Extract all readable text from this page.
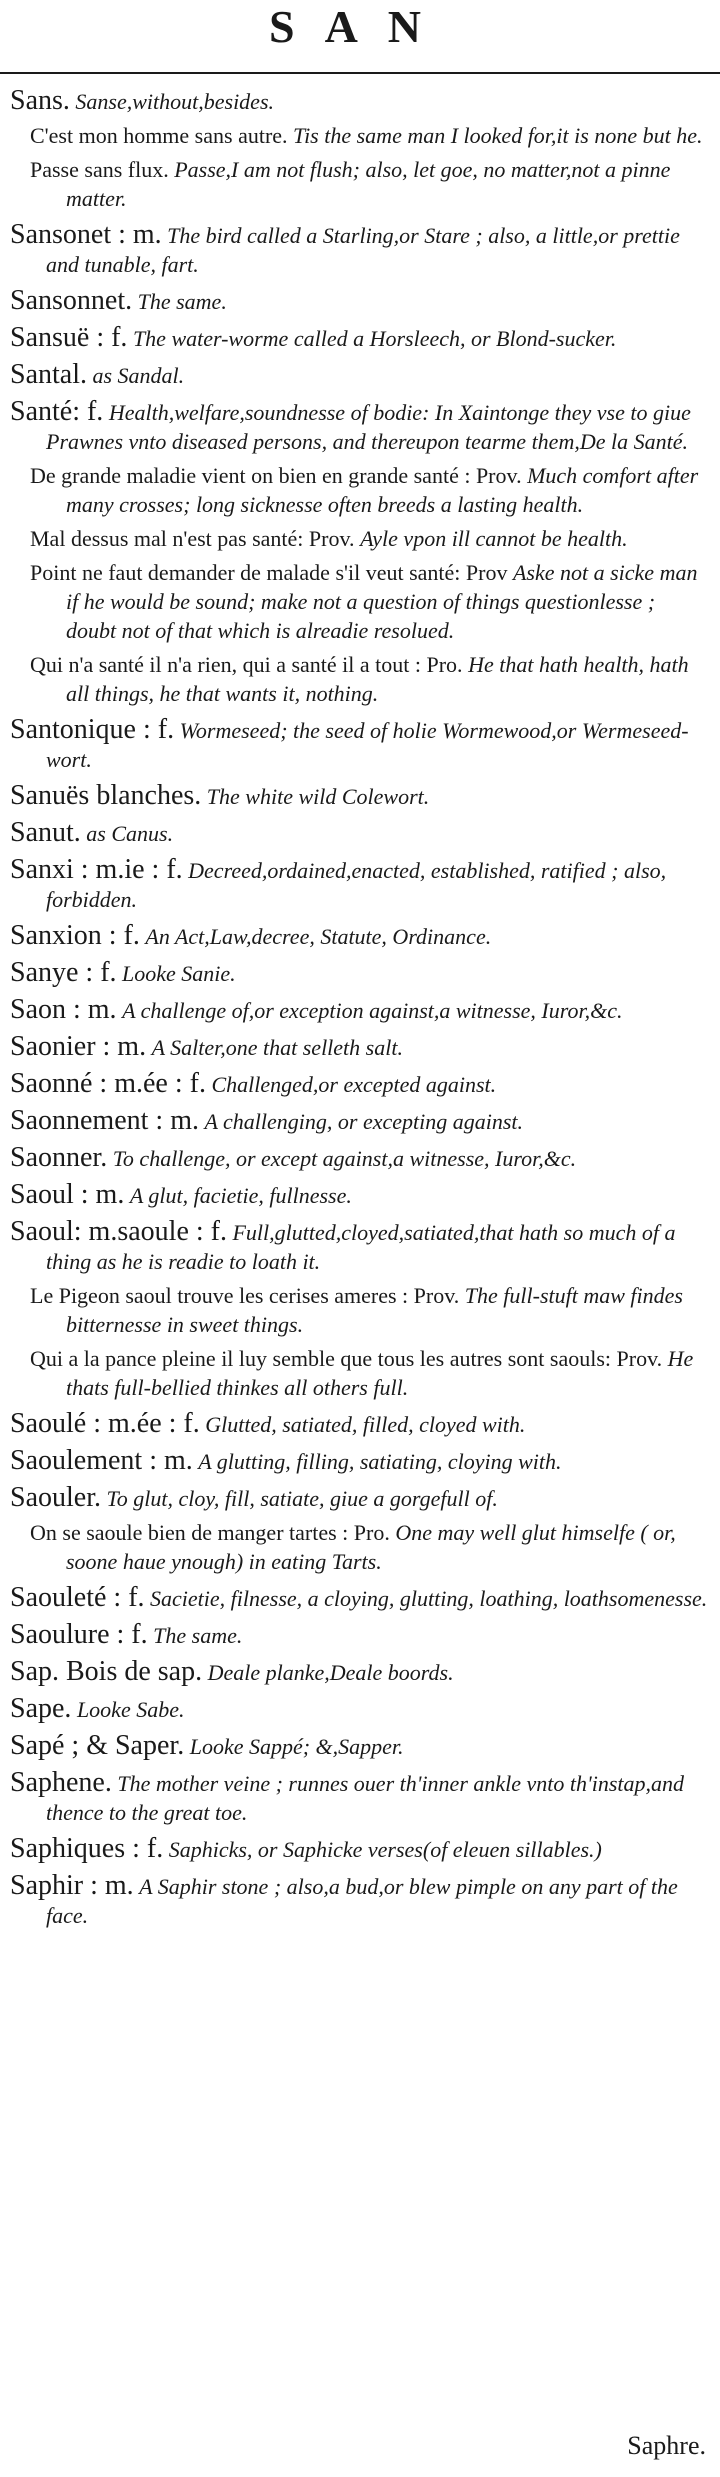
SAN
Sans. Sanse,without,besides.
C'est mon homme sans autre. Tis the same man I looked for,it is none but he.
Passe sans flux. Passe,I am not flush; also, let goe, no matter,not a pinne matter.
Sansonet : m. The bird called a Starling,or Stare ; also, a little,or prettie and tunable, fart.
Sansonnet. The same.
Sansuë : f. The water-worme called a Horsleech, or Blond-sucker.
Santal. as Sandal.
Santé: f. Health,welfare,soundnesse of bodie: In Xaintonge they vse to giue Prawnes vnto diseased persons, and thereupon tearme them,De la Santé.
De grande maladie vient on bien en grande santé : Prov. Much comfort after many crosses; long sicknesse often breeds a lasting health.
Mal dessus mal n'est pas santé: Prov. Ayle vpon ill cannot be health.
Point ne faut demander de malade s'il veut santé: Prov Aske not a sicke man if he would be sound; make not a question of things questionlesse ; doubt not of that which is alreadie resolued.
Qui n'a santé il n'a rien, qui a santé il a tout : Pro. He that hath health, hath all things, he that wants it, nothing.
Santonique : f. Wormeseed; the seed of holie Wormewood,or Wermeseed-wort.
Sanuës blanches. The white wild Colewort.
Sanut. as Canus.
Sanxi : m.ie : f. Decreed,ordained,enacted, established, ratified ; also, forbidden.
Sanxion : f. An Act,Law,decree, Statute, Ordinance.
Sanye : f. Looke Sanie.
Saon : m. A challenge of,or exception against,a witnesse, Iuror,&c.
Saonier : m. A Salter,one that selleth salt.
Saonné : m.ée : f. Challenged,or excepted against.
Saonnement : m. A challenging, or excepting against.
Saonner. To challenge, or except against,a witnesse, Iuror,&c.
Saoul : m. A glut, facietie, fullnesse.
Saoul: m.saoule : f. Full,glutted,cloyed,satiated,that hath so much of a thing as he is readie to loath it.
Le Pigeon saoul trouve les cerises ameres : Prov. The full-stuft maw findes bitternesse in sweet things.
Qui a la pance pleine il luy semble que tous les autres sont saouls: Prov. He thats full-bellied thinkes all others full.
Saoulé : m.ée : f. Glutted, satiated, filled, cloyed with.
Saoulement : m. A glutting, filling, satiating, cloying with.
Saouler. To glut, cloy, fill, satiate, giue a gorgefull of.
On se saoule bien de manger tartes : Pro. One may well glut himselfe ( or, soone haue ynough) in eating Tarts.
Saouleté : f. Sacietie, filnesse, a cloying, glutting, loathing, loathsomenesse.
Saoulure : f. The same.
Sap. Bois de sap. Deale planke,Deale boords.
Sape. Looke Sabe.
Sapé ; & Saper. Looke Sappé; &,Sapper.
Saphene. The mother veine ; runnes ouer th'inner ankle vnto th'instap,and thence to the great toe.
Saphiques : f. Saphicks, or Saphicke verses(of eleuen sillables.)
Saphir : m. A Saphir stone ; also,a bud,or blew pimple on any part of the face.
Saphre.
